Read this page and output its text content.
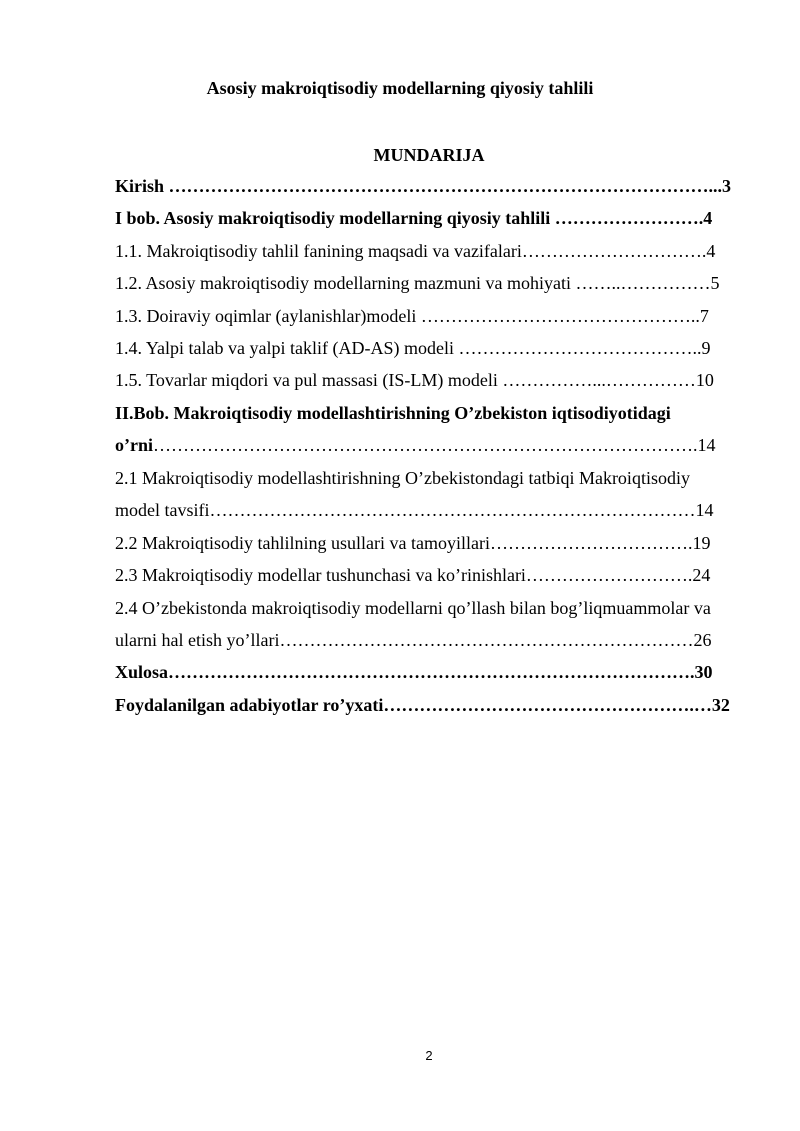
Asosiy makroiqtisodiy modellarning qiyosiy tahlili
MUNDARIJA
Kirish ………………………………………………………………………………...3
I bob. Asosiy makroiqtisodiy modellarning qiyosiy tahlili …………………….4
1.1. Makroiqtisodiy tahlil fanining maqsadi va vazifalari………………………….4
1.2. Asosiy makroiqtisodiy modellarning mazmuni va mohiyati ……..……………5
1.3. Doiraviy oqimlar (aylanishlar)modeli ………………………………………..7
1.4. Yalpi talab va yalpi taklif (AD-AS) modeli …………………………………..9
1.5. Tovarlar miqdori va pul massasi (IS-LM) modeli ……………...……………10
II.Bob. Makroiqtisodiy modellashtirishning O’zbekiston iqtisodiyotidagi
o’rni……………………………………………………………………………….14
2.1 Makroiqtisodiy modellashtirishning O’zbekistondagi tatbiqi Makroiqtisodiy
model tavsifi………………………………………………………………………14
2.2 Makroiqtisodiy tahlilning usullari va tamoyillari…………………………….19
2.3 Makroiqtisodiy modellar tushunchasi va ko’rinishlari……………………….24
2.4 O’zbekistonda makroiqtisodiy modellarni qo’llash bilan bog’liqmuammolar va
ularni hal etish yo’llari……………………………………………………………26
Xulosa…………………………………………………………………………….30
Foydalanilgan adabiyotlar ro’yxati…………………………………………….…32
2
